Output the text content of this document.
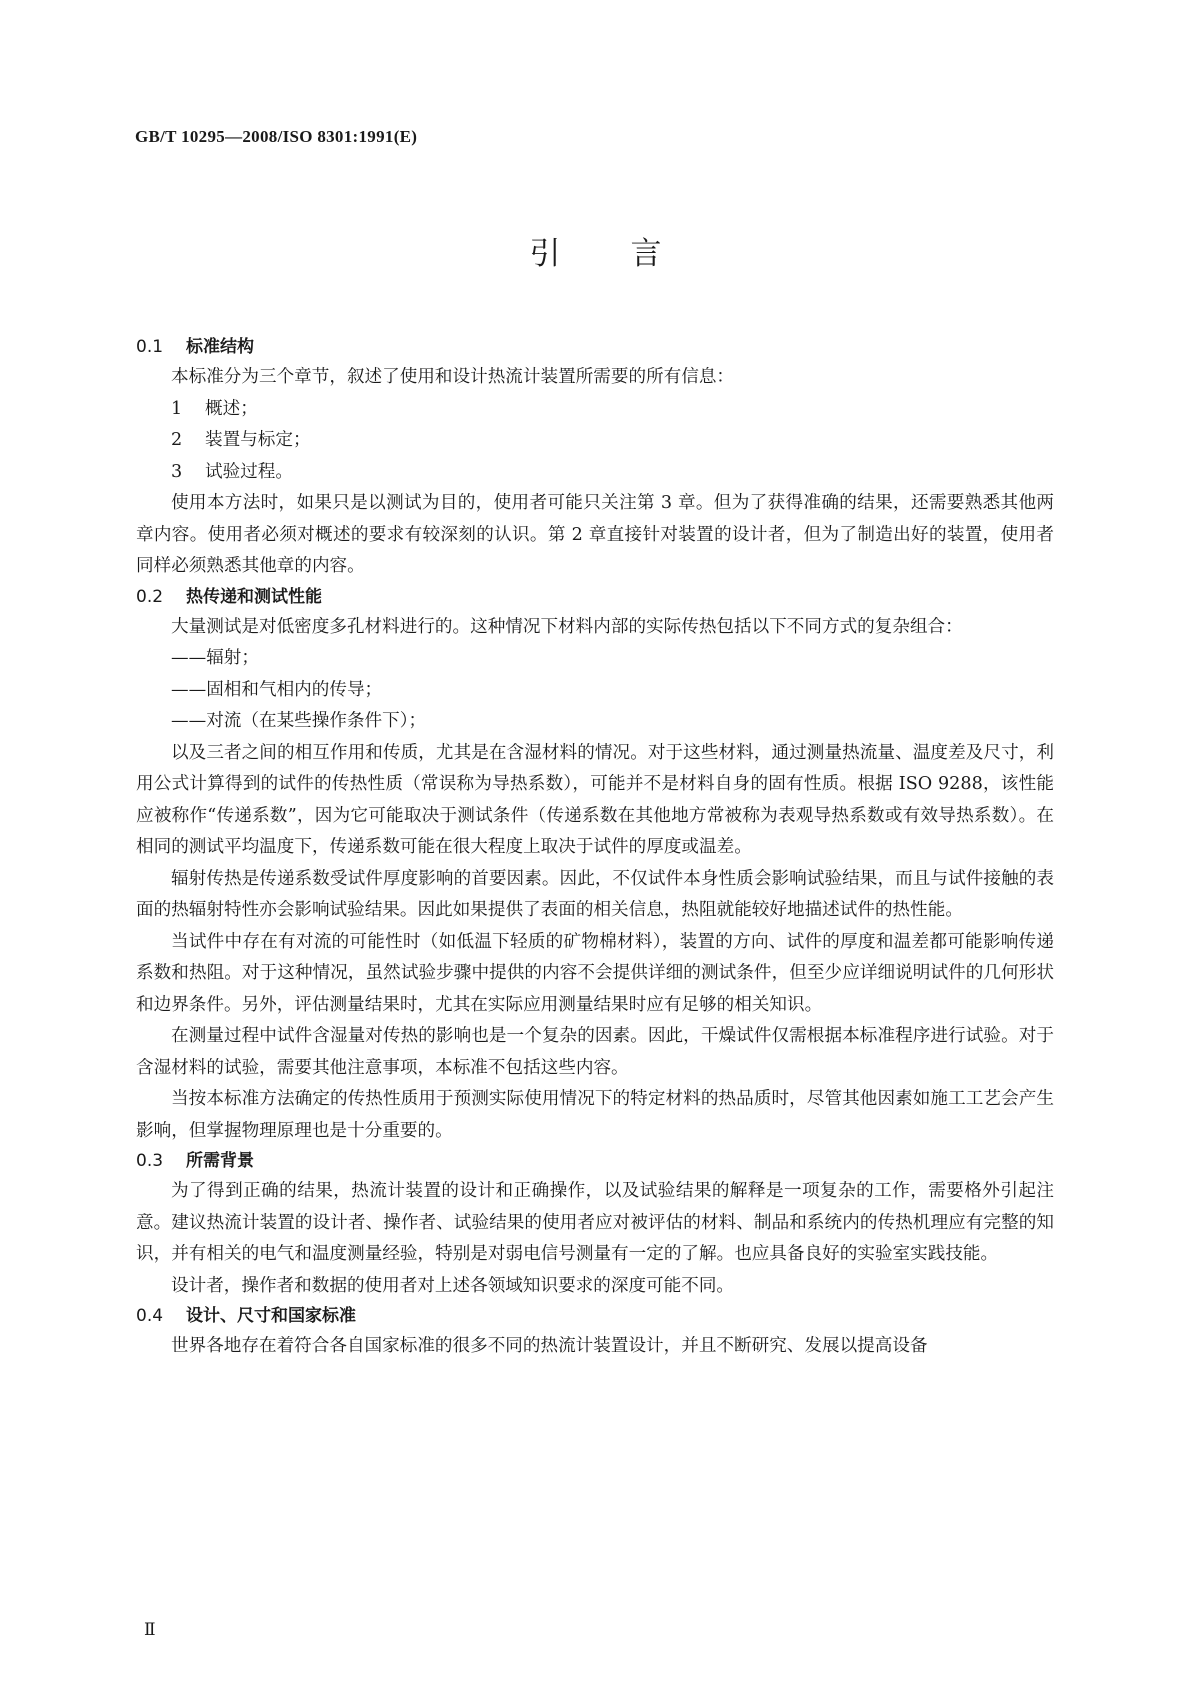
GB/T 10295—2008/ISO 8301:1991(E)
引言
0.1 标准结构

本标准分为三个章节，叙述了使用和设计热流计装置所需要的所有信息：

1 概述；

2 装置与标定；

3 试验过程。

使用本方法时，如果只是以测试为目的，使用者可能只关注第 3 章。但为了获得准确的结果，还需要熟悉其他两章内容。使用者必须对概述的要求有较深刻的认识。第 2 章直接针对装置的设计者，但为了制造出好的装置，使用者同样必须熟悉其他章的内容。

0.2 热传递和测试性能

大量测试是对低密度多孔材料进行的。这种情况下材料内部的实际传热包括以下不同方式的复杂组合：

——辐射；

——固相和气相内的传导；

——对流（在某些操作条件下）；

以及三者之间的相互作用和传质，尤其是在含湿材料的情况。对于这些材料，通过测量热流量、温度差及尺寸，利用公式计算得到的试件的传热性质（常误称为导热系数），可能并不是材料自身的固有性质。根据 ISO 9288，该性能应被称作“传递系数”，因为它可能取决于测试条件（传递系数在其他地方常被称为表观导热系数或有效导热系数）。在相同的测试平均温度下，传递系数可能在很大程度上取决于试件的厚度或温差。

辐射传热是传递系数受试件厚度影响的首要因素。因此，不仅试件本身性质会影响试验结果，而且与试件接触的表面的热辐射特性亦会影响试验结果。因此如果提供了表面的相关信息，热阻就能较好地描述试件的热性能。

当试件中存在有对流的可能性时（如低温下轻质的矿物棉材料），装置的方向、试件的厚度和温差都可能影响传递系数和热阻。对于这种情况，虽然试验步骤中提供的内容不会提供详细的测试条件，但至少应详细说明试件的几何形状和边界条件。另外，评估测量结果时，尤其在实际应用测量结果时应有足够的相关知识。

在测量过程中试件含湿量对传热的影响也是一个复杂的因素。因此，干燥试件仅需根据本标准程序进行试验。对于含湿材料的试验，需要其他注意事项，本标准不包括这些内容。

当按本标准方法确定的传热性质用于预测实际使用情况下的特定材料的热品质时，尽管其他因素如施工工艺会产生影响，但掌握物理原理也是十分重要的。

0.3 所需背景

为了得到正确的结果，热流计装置的设计和正确操作，以及试验结果的解释是一项复杂的工作，需要格外引起注意。建议热流计装置的设计者、操作者、试验结果的使用者应对被评估的材料、制品和系统内的传热机理应有完整的知识，并有相关的电气和温度测量经验，特别是对弱电信号测量有一定的了解。也应具备良好的实验室实践技能。

设计者，操作者和数据的使用者对上述各领域知识要求的深度可能不同。

0.4 设计、尺寸和国家标准

世界各地存在着符合各自国家标准的很多不同的热流计装置设计，并且不断研究、发展以提高设备

Ⅱ
